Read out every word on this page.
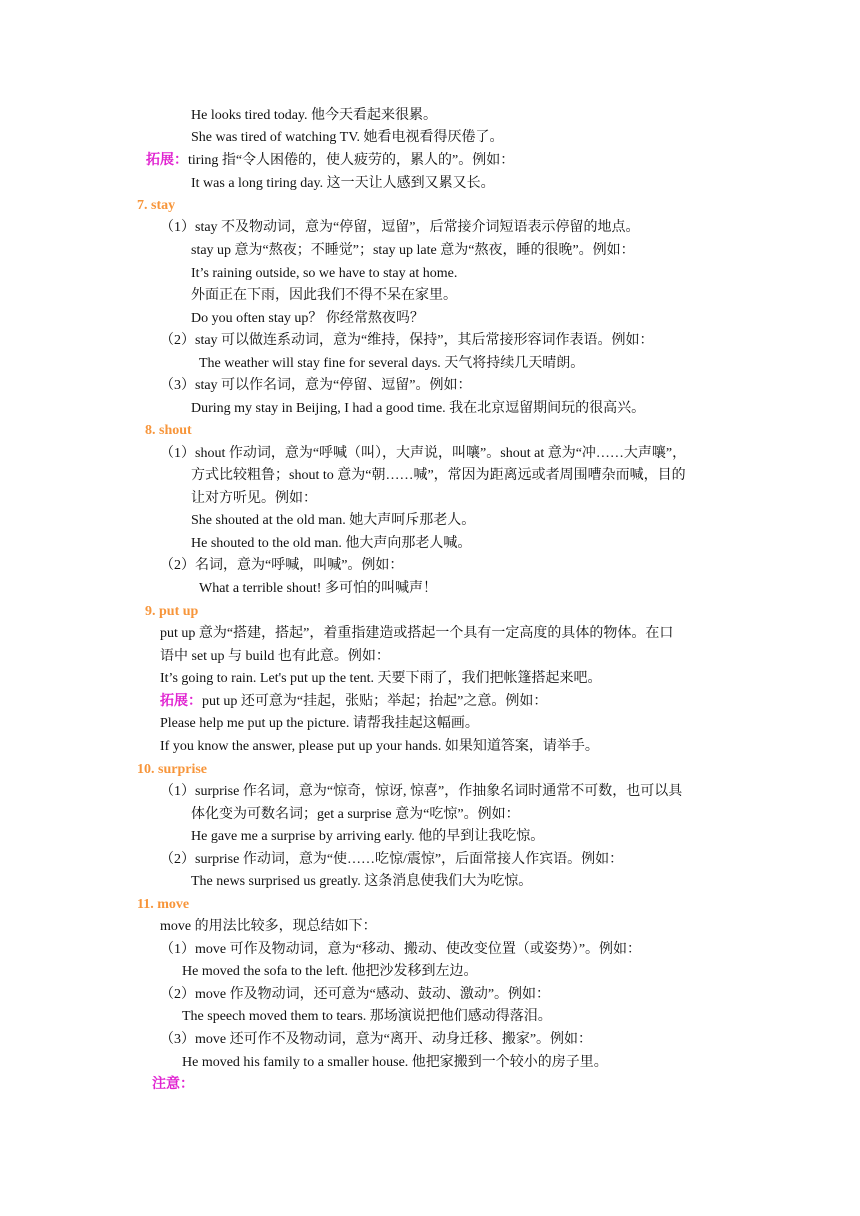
He looks tired today. 他今天看起来很累。
She was tired of watching TV. 她看电视看得厌倦了。
拓展：tiring 指“令人困倦的，使人疲劳的，累人的”。例如：
It was a long tiring day. 这一天让人感到又累又长。
7. stay
（1）stay 不及物动词，意为“停留，逗留”，后常接介词短语表示停留的地点。
stay up 意为“熬夜；不睡觉”；stay up late 意为“熬夜，睡的很晚”。例如：
It’s raining outside, so we have to stay at home.
外面正在下雨，因此我们不得不呆在家里。
Do you often stay up？ 你经常熬夜吗？
（2）stay 可以做连系动词，意为“维持，保持”，其后常接形容词作表语。例如：
The weather will stay fine for several days. 天气将持续几天晴朗。
（3）stay 可以作名词，意为“停留、逗留”。例如：
During my stay in Beijing, I had a good time. 我在北京逗留期间玩的很高兴。
8. shout
（1）shout 作动词，意为“呼喊（叫），大声说，叫嚷”。shout at 意为“冲……大声嚷”，
方式比较粗鲁；shout to 意为“朝……喊”，常因为距离远或者周围嘈杂而喊，目的
让对方听见。例如：
She shouted at the old man. 她大声呵斥那老人。
He shouted to the old man. 他大声向那老人喊。
（2）名词，意为“呼喊，叫喊”。例如：
What a terrible shout! 多可怕的叫喊声！
9. put up
put up 意为“搭建，搭起”，着重指建造或搭起一个具有一定高度的具体的物体。在口
语中 set up 与 build 也有此意。例如：
It’s going to rain. Let's put up the tent. 天要下雨了，我们把帐篷搭起来吧。
拓展：put up 还可意为“挂起，张贴；举起；抬起”之意。例如：
Please help me put up the picture. 请帮我挂起这幅画。
If you know the answer, please put up your hands. 如果知道答案，请举手。
10. surprise
（1）surprise 作名词，意为“惊奇，惊讶, 惊喜”，作抽象名词时通常不可数，也可以具
体化变为可数名词；get a surprise 意为“吃惊”。例如：
He gave me a surprise by arriving early. 他的早到让我吃惊。
（2）surprise 作动词，意为“使……吃惊/震惊”，后面常接人作宾语。例如：
The news surprised us greatly. 这条消息使我们大为吃惊。
11. move
move 的用法比较多，现总结如下：
（1）move 可作及物动词，意为“移动、搬动、使改变位置（或姿势）”。例如：
He moved the sofa to the left. 他把沙发移到左边。
（2）move 作及物动词，还可意为“感动、鼓动、激动”。例如：
The speech moved them to tears. 那场演说把他们感动得落泪。
（3）move 还可作不及物动词，意为“离开、动身迁移、搬家”。例如：
He moved his family to a smaller house. 他把家搬到一个较小的房子里。
注意：
